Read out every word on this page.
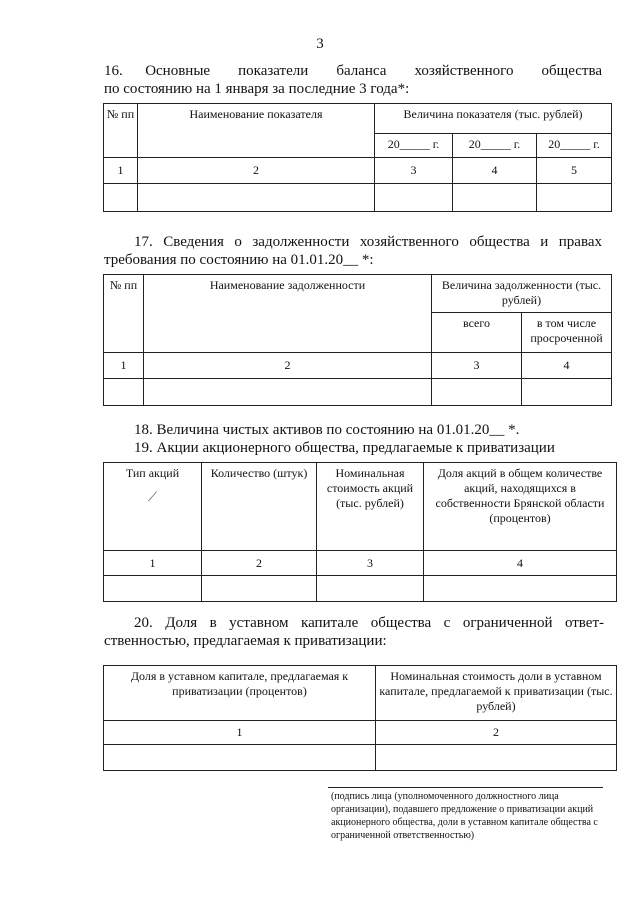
3
16.    Основные     показатели     баланса     хозяйственного     общества
по состоянию на 1 января за последние 3 года*:
№ пп	Наименование показателя	Величина показателя (тыс. рублей)		
		20_____ г.	20_____ г.	20_____ г.
1	2	3	4	5

17. Сведения о задолженности хозяйственного общества и правах
требования по состоянию на 01.01.20__ *:
№ пп	Наименование задолженности	Величина задолженности (тыс. рублей)	
		всего	в том числе просроченной
1	2	3	4

18. Величина чистых активов по состоянию на 01.01.20__ *.
19. Акции акционерного общества, предлагаемые к приватизации
Тип акций
⟋	Количество (штук)	Номинальная стоимость акций (тыс. рублей)	Доля акций в общем количестве акций, находящихся в собственности Брянской области (процентов)
1	2	3	4

20.   Доля   в   уставном   капитале   общества   с   ограниченной   ответ-
ственностью, предлагаемая к приватизации:
Доля в уставном капитале, предлагаемая к приватизации (процентов)	Номинальная стоимость доли в уставном капитале, предлагаемой к приватизации (тыс. рублей)
1	2

(подпись лица (уполномоченного должностного лица организации), подавшего предложение о приватизации акций акционерного общества, доли в уставном капитале общества с ограниченной ответственностью)
